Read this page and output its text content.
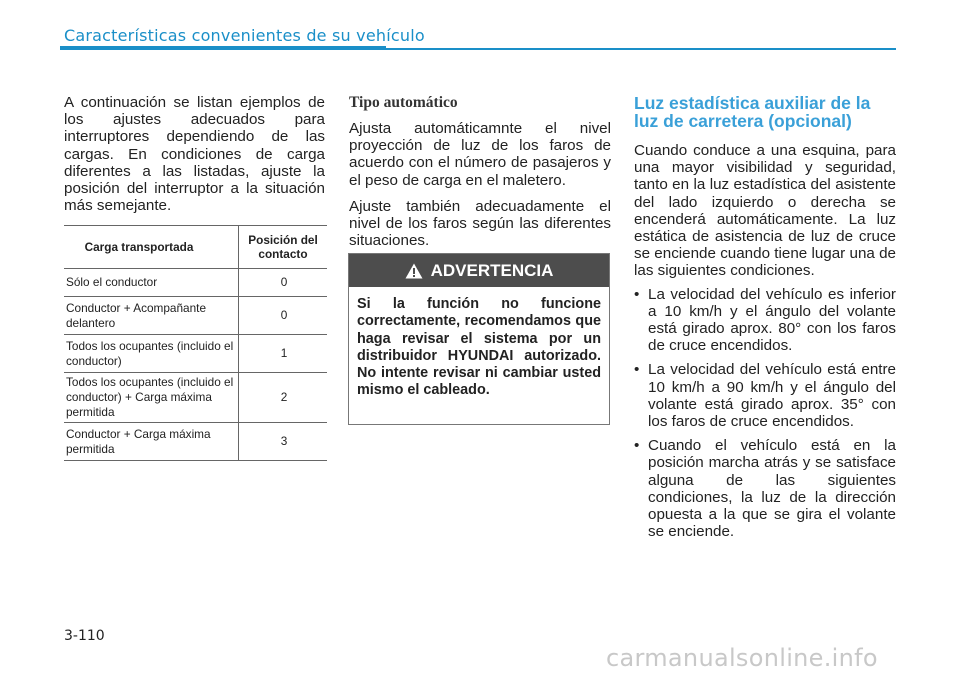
Características convenientes de su vehículo

A continuación se listan ejemplos de los ajustes adecuados para interruptores dependiendo de las cargas. En condiciones de carga diferentes a las listadas, ajuste la posición del interruptor a la situación más semejante.

Carga transportada	Posición del contacto
Sólo el conductor	0
Conductor + Acompañante delantero	0
Todos los ocupantes (incluido el conductor)	1
Todos los ocupantes (incluido el conductor) + Carga máxima permitida	2
Conductor + Carga máxima permitida	3
Tipo automático

Ajusta automáticamnte el nivel proyección de luz de los faros de acuerdo con el número de pasajeros y el peso de carga en el maletero.

Ajuste también adecuadamente el nivel de los faros según las diferentes situaciones.

ADVERTENCIA

Si la función no funcione correctamente, recomendamos que haga revisar el sistema por un distribuidor HYUNDAI autorizado. No intente revisar ni cambiar usted mismo el cableado.

Luz estadística auxiliar de la luz de carretera (opcional)

Cuando conduce a una esquina, para una mayor visibilidad y seguridad, tanto en la luz estadística del asistente del lado izquierdo o derecha se encenderá automáticamente. La luz estática de asistencia de luz de cruce se enciende cuando tiene lugar una de las siguientes condiciones.

• La velocidad del vehículo es inferior a 10 km/h y el ángulo del volante está girado aprox. 80° con los faros de cruce encendidos.
• La velocidad del vehículo está entre 10 km/h a 90 km/h y el ángulo del volante está girado aprox. 35° con los faros de cruce encendidos.
• Cuando el vehículo está en la posición marcha atrás y se satisface alguna de las siguientes condiciones, la luz de la dirección opuesta a la que se gira el volante se enciende.
3-110
carmanualsonline.info
